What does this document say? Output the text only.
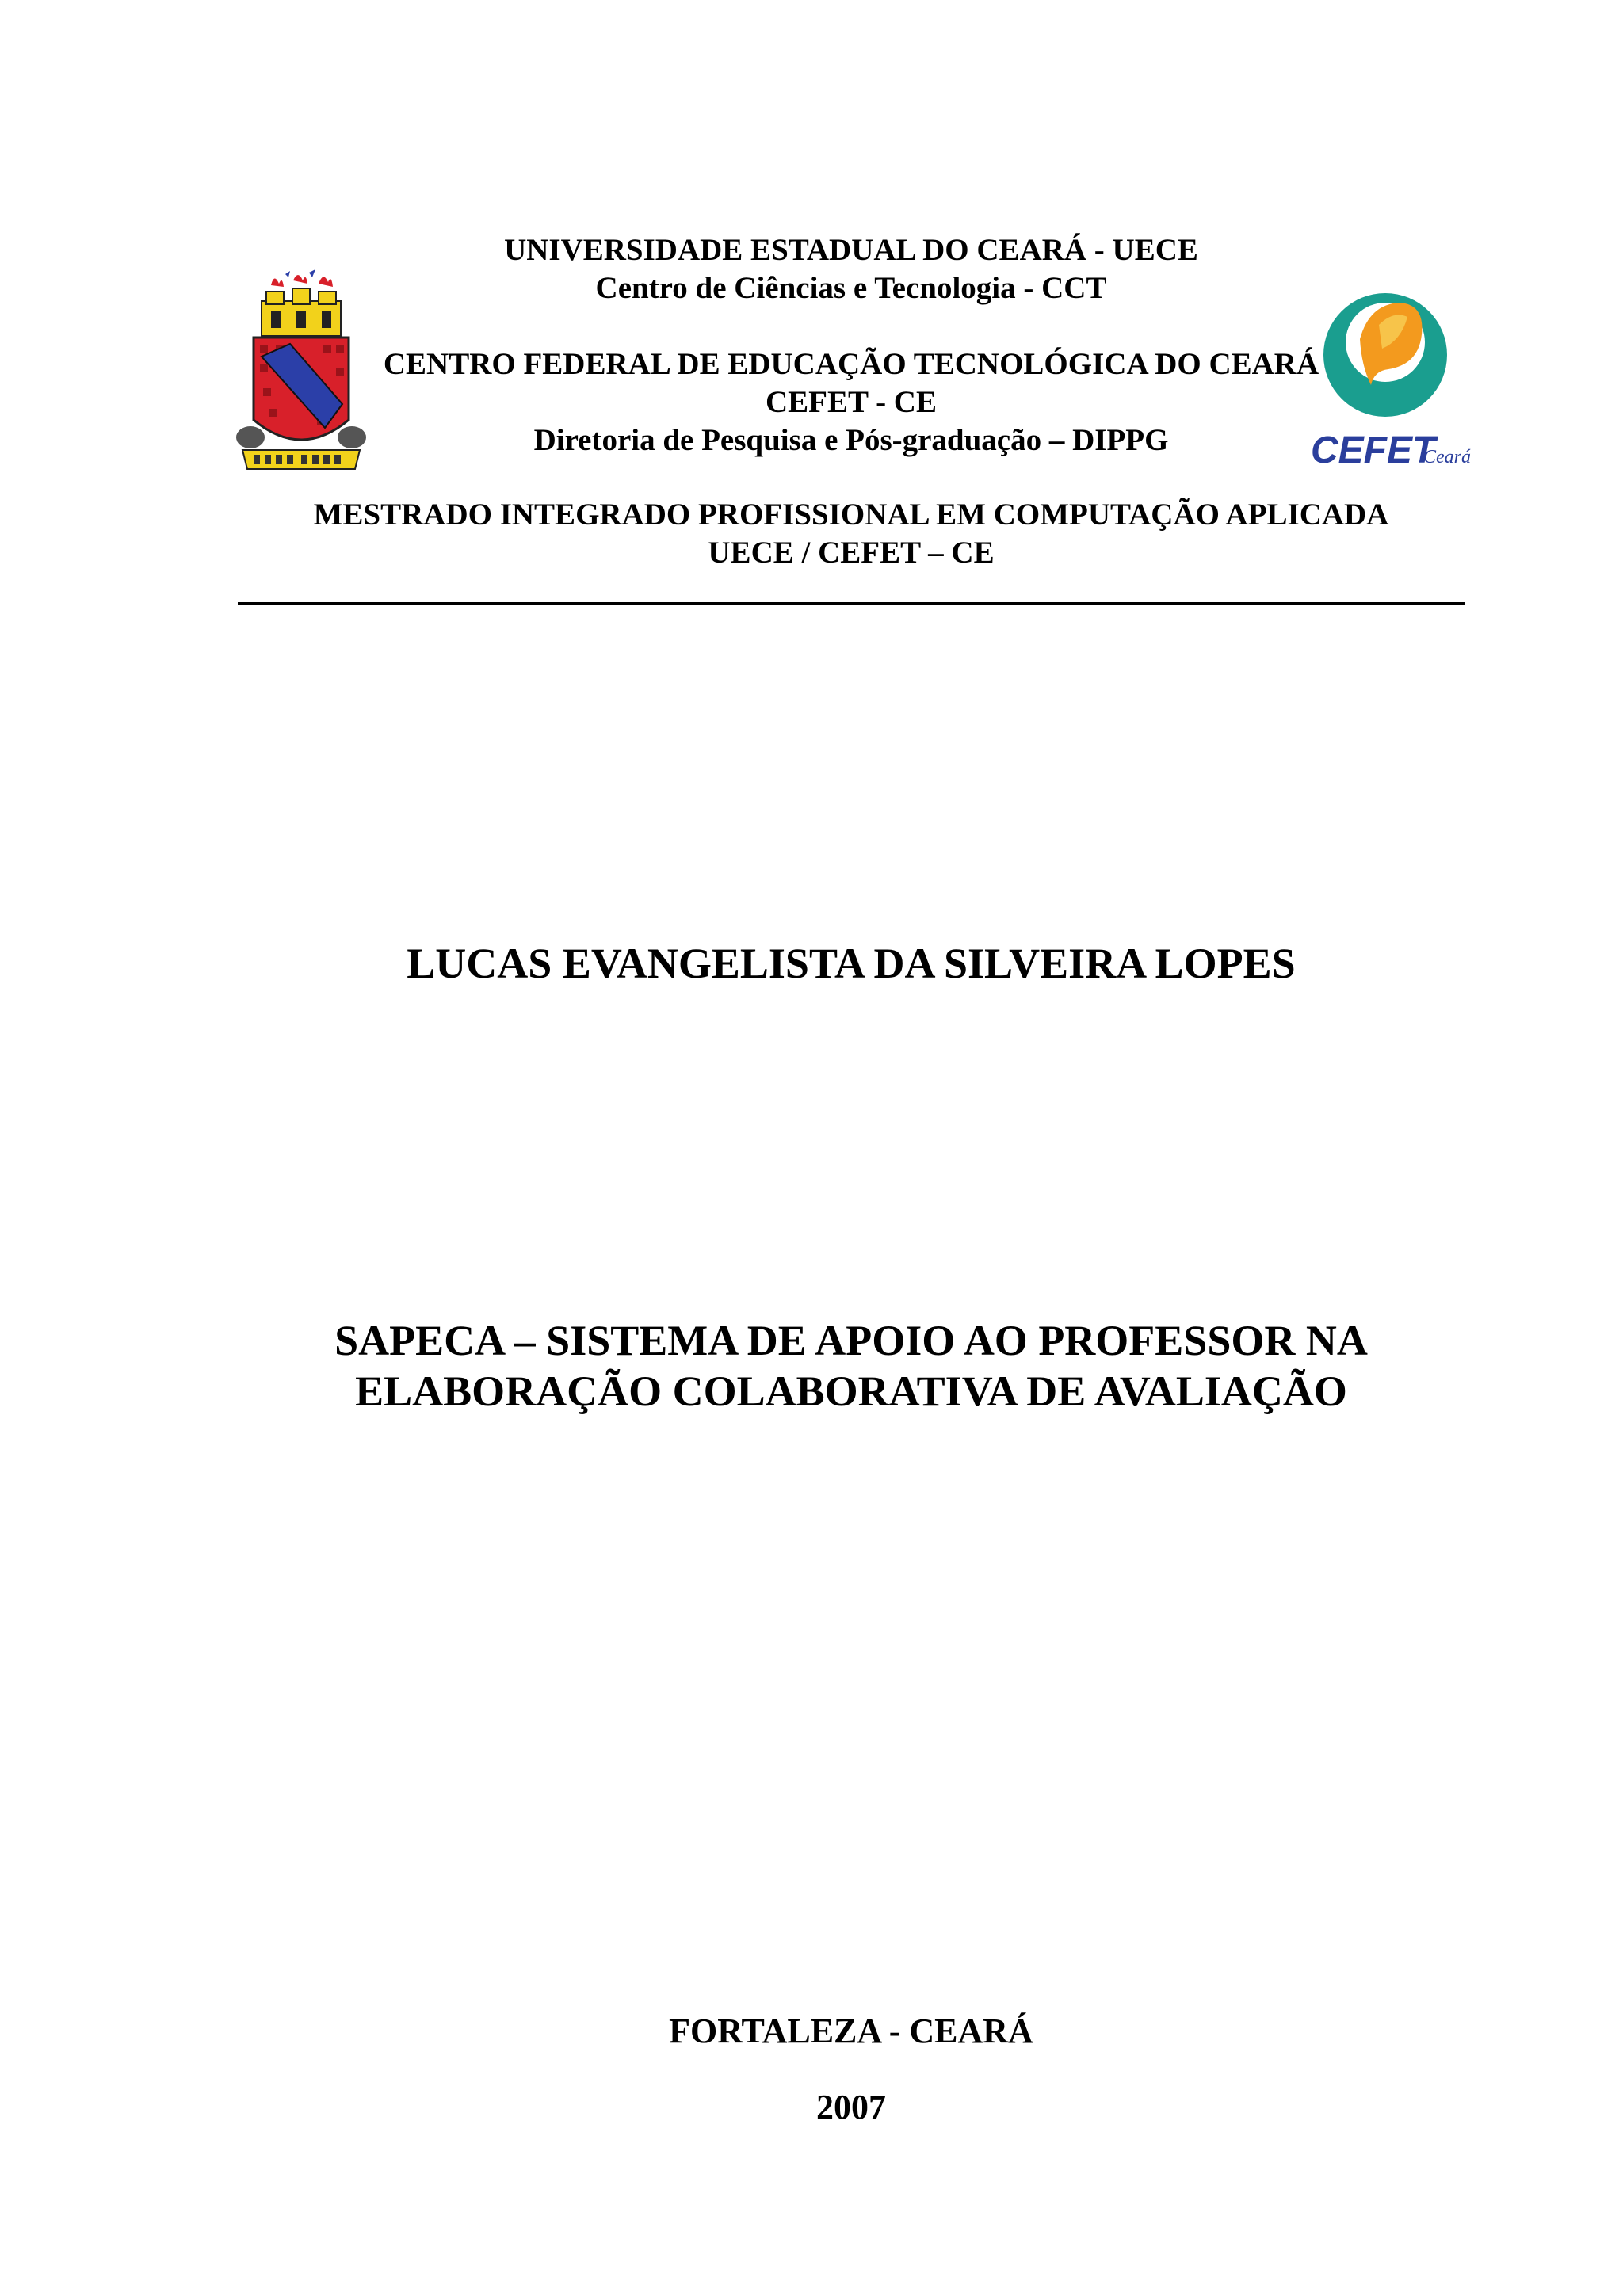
CEFET
Ceará
UNIVERSIDADE ESTADUAL DO CEARÁ - UECE
Centro de Ciências e Tecnologia - CCT
CENTRO FEDERAL DE EDUCAÇÃO TECNOLÓGICA DO CEARÁ
CEFET - CE
Diretoria de Pesquisa e Pós-graduação – DIPPG
MESTRADO INTEGRADO PROFISSIONAL EM COMPUTAÇÃO APLICADA
UECE / CEFET – CE
LUCAS EVANGELISTA DA SILVEIRA LOPES
SAPECA – SISTEMA DE APOIO AO PROFESSOR NA
ELABORAÇÃO COLABORATIVA DE AVALIAÇÃO
FORTALEZA - CEARÁ
2007
